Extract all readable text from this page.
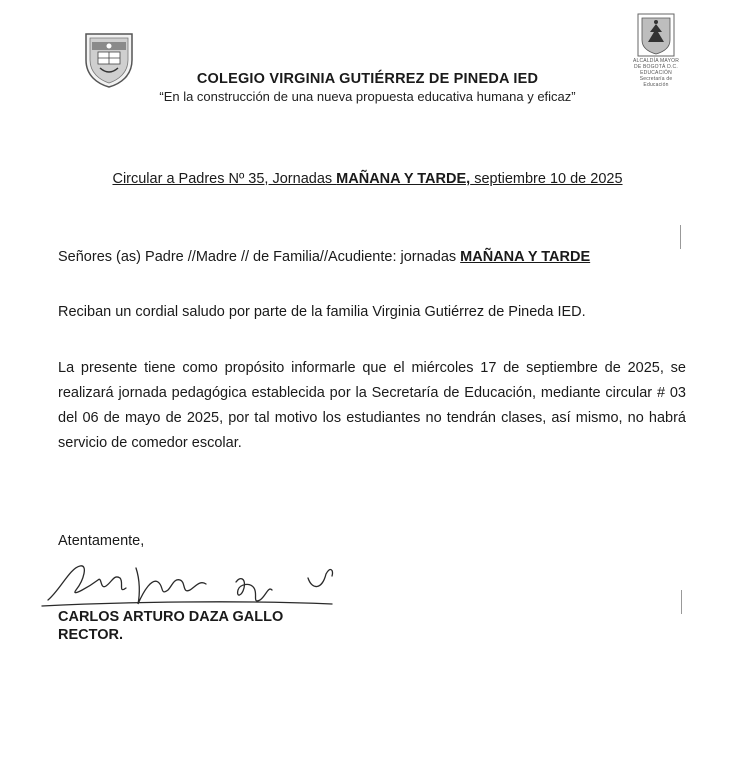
ALCALDÍA MAYOR
DE BOGOTÁ D.C.
EDUCACIÓN
Secretaría de Educación
COLEGIO VIRGINIA GUTIÉRREZ DE PINEDA IED
“En la construcción de una nueva propuesta educativa humana y eficaz”
Circular a Padres Nº 35, Jornadas MAÑANA Y TARDE, septiembre 10 de 2025
Señores (as) Padre //Madre // de Familia//Acudiente: jornadas MAÑANA Y TARDE
Reciban un cordial saludo por parte de la familia Virginia Gutiérrez de Pineda IED.
La presente tiene como propósito informarle que el miércoles 17 de septiembre de 2025, se realizará jornada pedagógica establecida por la Secretaría de Educación, mediante circular # 03 del 06 de mayo de 2025, por tal motivo los estudiantes no tendrán clases, así mismo, no habrá servicio de comedor escolar.
Atentamente,
CARLOS ARTURO DAZA GALLO
RECTOR.
